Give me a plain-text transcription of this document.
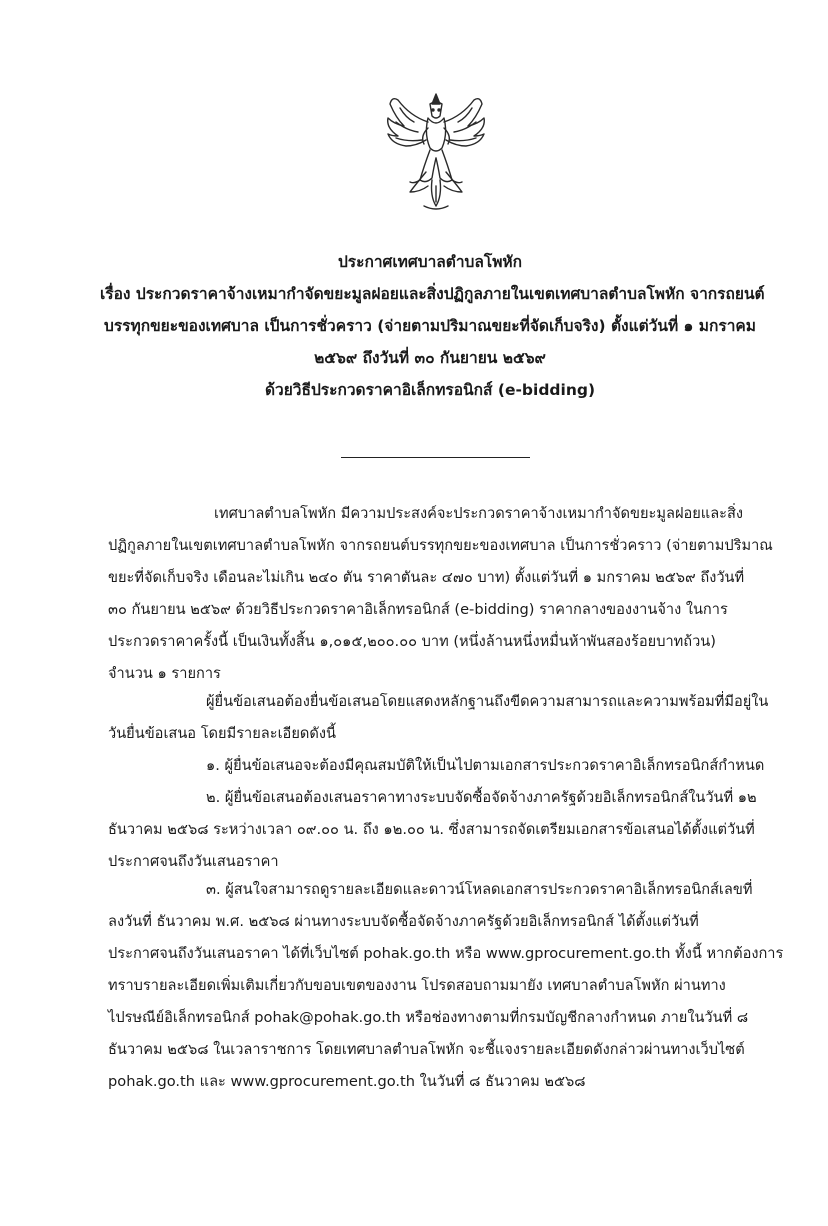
ประกาศเทศบาลตำบลโพหัก
เรื่อง ประกวดราคาจ้างเหมากำจัดขยะมูลฝอยและสิ่งปฏิกูลภายในเขตเทศบาลตำบลโพหัก จากรถยนต์
บรรทุกขยะของเทศบาล เป็นการชั่วคราว (จ่ายตามปริมาณขยะที่จัดเก็บจริง) ตั้งแต่วันที่ ๑ มกราคม
๒๕๖๙ ถึงวันที่ ๓๐ กันยายน ๒๕๖๙
ด้วยวิธีประกวดราคาอิเล็กทรอนิกส์ (e-bidding)
เทศบาลตำบลโพหัก มีความประสงค์จะประกวดราคาจ้างเหมากำจัดขยะมูลฝอยและสิ่ง
ปฏิกูลภายในเขตเทศบาลตำบลโพหัก จากรถยนต์บรรทุกขยะของเทศบาล เป็นการชั่วคราว (จ่ายตามปริมาณ
ขยะที่จัดเก็บจริง เดือนละไม่เกิน ๒๔๐ ตัน ราคาตันละ ๔๗๐ บาท) ตั้งแต่วันที่ ๑ มกราคม ๒๕๖๙ ถึงวันที่
๓๐ กันยายน ๒๕๖๙ ด้วยวิธีประกวดราคาอิเล็กทรอนิกส์ (e-bidding) ราคากลางของงานจ้าง ในการ
ประกวดราคาครั้งนี้ เป็นเงินทั้งสิ้น ๑,๐๑๕,๒๐๐.๐๐ บาท (หนึ่งล้านหนึ่งหมื่นห้าพันสองร้อยบาทถ้วน)
จำนวน ๑ รายการ
ผู้ยื่นข้อเสนอต้องยื่นข้อเสนอโดยแสดงหลักฐานถึงขีดความสามารถและความพร้อมที่มีอยู่ใน
วันยื่นข้อเสนอ โดยมีรายละเอียดดังนี้
๑. ผู้ยื่นข้อเสนอจะต้องมีคุณสมบัติให้เป็นไปตามเอกสารประกวดราคาอิเล็กทรอนิกส์กำหนด
๒. ผู้ยื่นข้อเสนอต้องเสนอราคาทางระบบจัดซื้อจัดจ้างภาครัฐด้วยอิเล็กทรอนิกส์ในวันที่ ๑๒
ธันวาคม ๒๕๖๘ ระหว่างเวลา ๐๙.๐๐ น. ถึง ๑๒.๐๐ น. ซึ่งสามารถจัดเตรียมเอกสารข้อเสนอได้ตั้งแต่วันที่
ประกาศจนถึงวันเสนอราคา
๓. ผู้สนใจสามารถดูรายละเอียดและดาวน์โหลดเอกสารประกวดราคาอิเล็กทรอนิกส์เลขที่
ลงวันที่ ธันวาคม พ.ศ. ๒๕๖๘ ผ่านทางระบบจัดซื้อจัดจ้างภาครัฐด้วยอิเล็กทรอนิกส์ ได้ตั้งแต่วันที่
ประกาศจนถึงวันเสนอราคา ได้ที่เว็บไซต์ pohak.go.th หรือ www.gprocurement.go.th ทั้งนี้ หากต้องการ
ทราบรายละเอียดเพิ่มเติมเกี่ยวกับขอบเขตของงาน โปรดสอบถามมายัง เทศบาลตำบลโพหัก ผ่านทาง
ไปรษณีย์อิเล็กทรอนิกส์ pohak@pohak.go.th หรือช่องทางตามที่กรมบัญชีกลางกำหนด ภายในวันที่ ๘
ธันวาคม ๒๕๖๘ ในเวลาราชการ โดยเทศบาลตำบลโพหัก จะชี้แจงรายละเอียดดังกล่าวผ่านทางเว็บไซต์
pohak.go.th และ www.gprocurement.go.th ในวันที่ ๘ ธันวาคม ๒๕๖๘
